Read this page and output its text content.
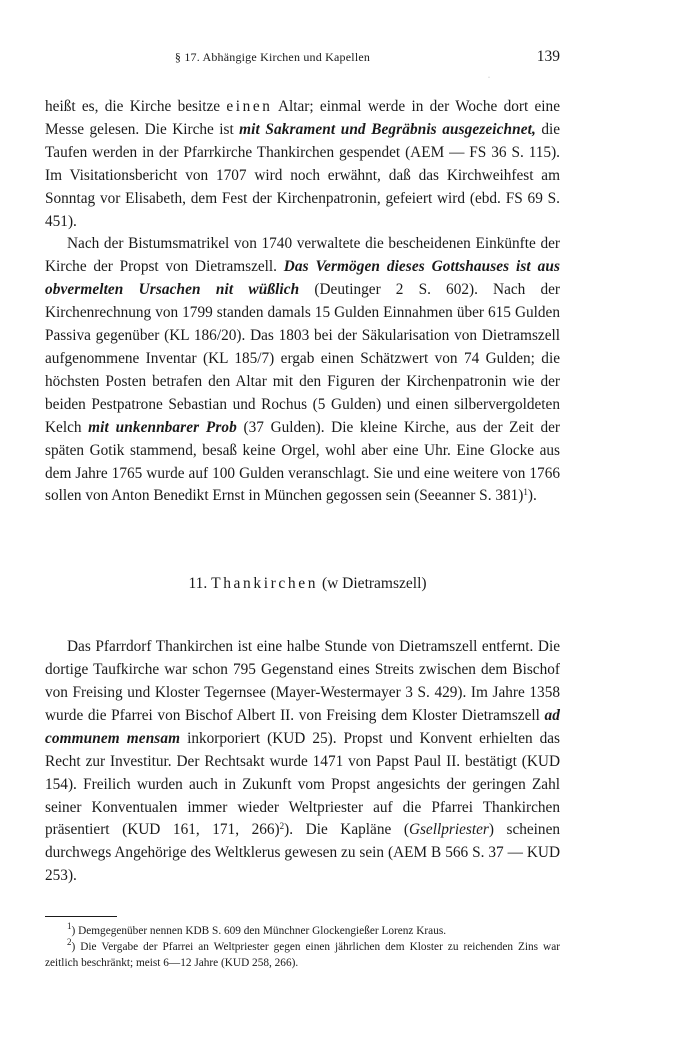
§ 17. Abhängige Kirchen und Kapellen	139
·

heißt es, die Kirche besitze einen Altar; einmal werde in der Woche dort eine Messe gelesen. Die Kirche ist mit Sakrament und Begräbnis ausgezeichnet, die Taufen werden in der Pfarrkirche Thankirchen gespendet (AEM — FS 36 S. 115). Im Visitationsbericht von 1707 wird noch erwähnt, daß das Kirchweihfest am Sonntag vor Elisabeth, dem Fest der Kirchenpatronin, gefeiert wird (ebd. FS 69 S. 451).

Nach der Bistumsmatrikel von 1740 verwaltete die bescheidenen Einkünfte der Kirche der Propst von Dietramszell. Das Vermögen dieses Gottshauses ist aus obvermelten Ursachen nit wüßlich (Deutinger 2 S. 602). Nach der Kirchenrechnung von 1799 standen damals 15 Gulden Einnahmen über 615 Gulden Passiva gegenüber (KL 186/20). Das 1803 bei der Säkularisation von Dietramszell aufgenommene Inventar (KL 185/7) ergab einen Schätzwert von 74 Gulden; die höchsten Posten betrafen den Altar mit den Figuren der Kirchenpatronin wie der beiden Pestpatrone Sebastian und Rochus (5 Gulden) und einen silbervergoldeten Kelch mit unkennbarer Prob (37 Gulden). Die kleine Kirche, aus der Zeit der späten Gotik stammend, besaß keine Orgel, wohl aber eine Uhr. Eine Glocke aus dem Jahre 1765 wurde auf 100 Gulden veranschlagt. Sie und eine weitere von 1766 sollen von Anton Benedikt Ernst in München gegossen sein (Seeanner S. 381)$^1$).

11. Thankirchen (w Dietramszell)

Das Pfarrdorf Thankirchen ist eine halbe Stunde von Dietramszell entfernt. Die dortige Taufkirche war schon 795 Gegenstand eines Streits zwischen dem Bischof von Freising und Kloster Tegernsee (Mayer-Westermayer 3 S. 429). Im Jahre 1358 wurde die Pfarrei von Bischof Albert II. von Freising dem Kloster Dietramszell ad communem mensam inkorporiert (KUD 25). Propst und Konvent erhielten das Recht zur Investitur. Der Rechtsakt wurde 1471 von Papst Paul II. bestätigt (KUD 154). Freilich wurden auch in Zukunft vom Propst angesichts der geringen Zahl seiner Konventualen immer wieder Weltpriester auf die Pfarrei Thankirchen präsentiert (KUD 161, 171, 266)$^2$). Die Kapläne (Gsellpriester) scheinen durchwegs Angehörige des Weltklerus gewesen zu sein (AEM B 566 S. 37 — KUD 253).

$^1$) Demgegenüber nennen KDB S. 609 den Münchner Glockengießer Lorenz Kraus.

$^2$) Die Vergabe der Pfarrei an Weltpriester gegen einen jährlichen dem Kloster zu reichenden Zins war zeitlich beschränkt; meist 6—12 Jahre (KUD 258, 266).
